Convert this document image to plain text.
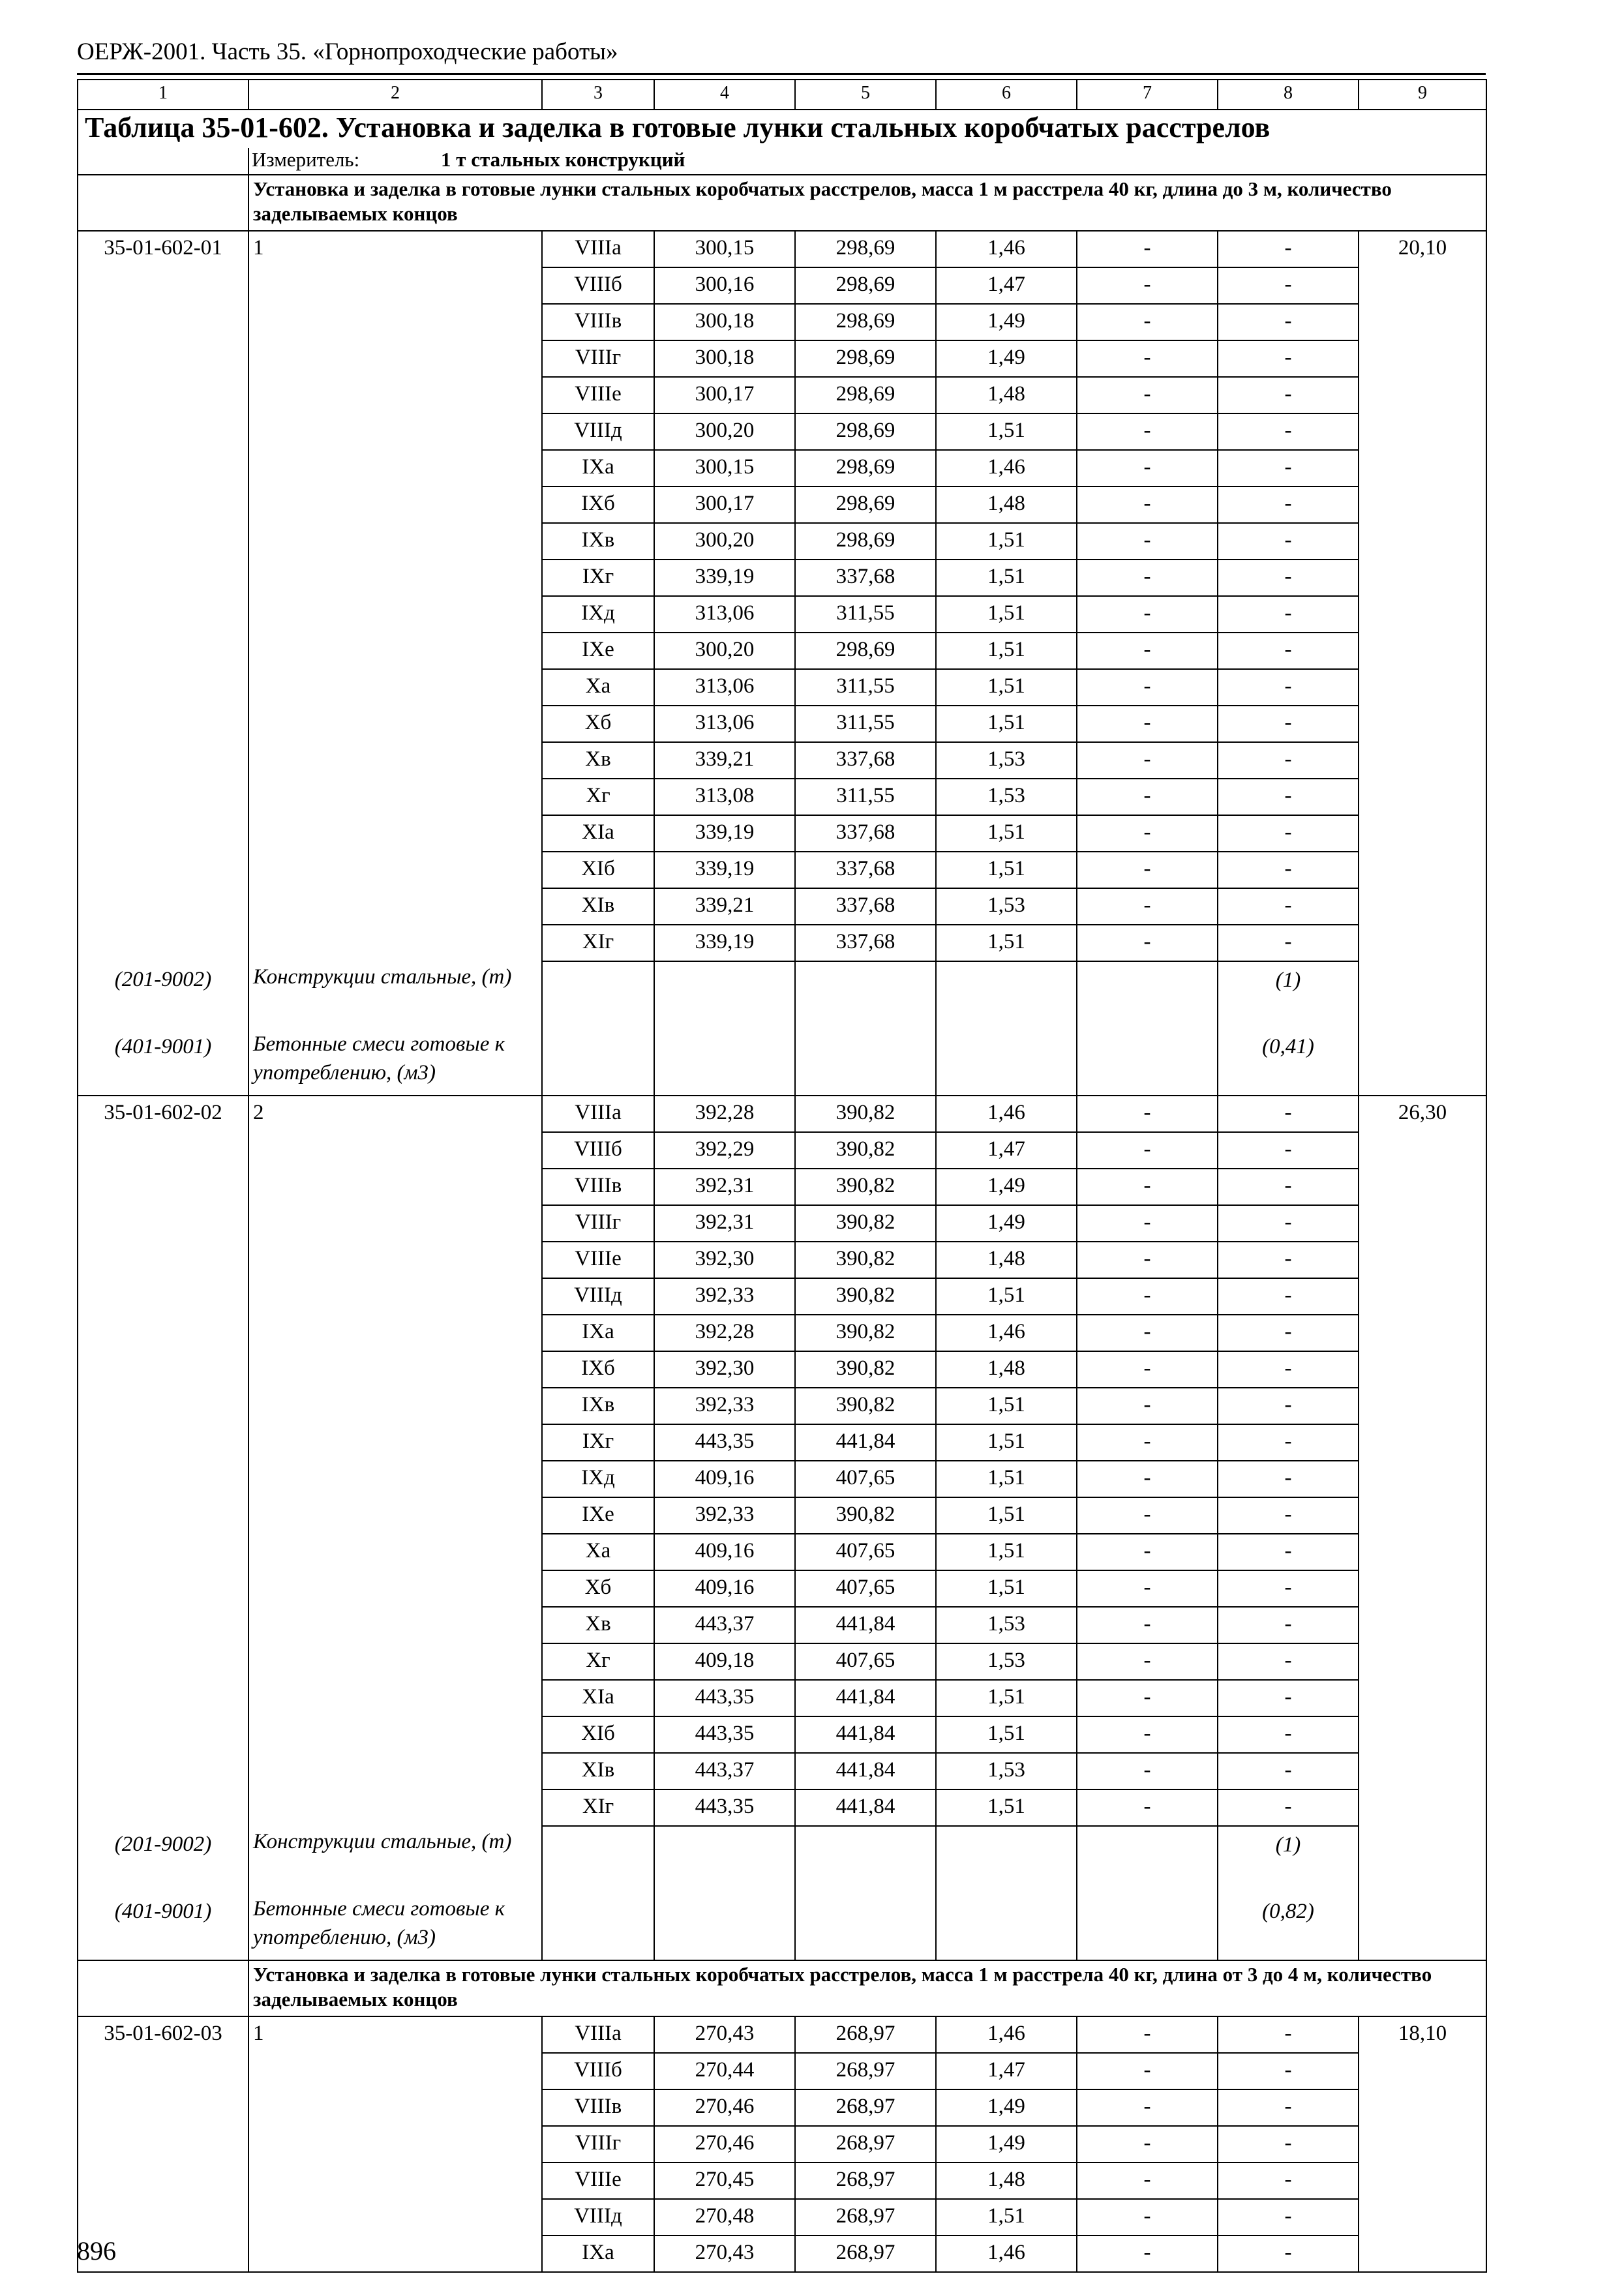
ОЕРЖ-2001. Часть 35. «Горнопроходческие работы»
1	2	3	4	5	6	7	8	9
Таблица 35-01-602. Установка и заделка в готовые лунки стальных коробчатых расстрелов								
	Измеритель: 1 т стальных конструкций							
	Установка и заделка в готовые лунки стальных коробчатых расстрелов, масса 1 м расстрела 40 кг, длина до 3 м, количество заделываемых концов							
35-01-602-01	1	VIIIа	300,15	298,69	1,46	-	-	20,10
		VIIIб	300,16	298,69	1,47	-	-	
		VIIIв	300,18	298,69	1,49	-	-	
		VIIIг	300,18	298,69	1,49	-	-	
		VIIIе	300,17	298,69	1,48	-	-	
		VIIIд	300,20	298,69	1,51	-	-	
		IXа	300,15	298,69	1,46	-	-	
		IXб	300,17	298,69	1,48	-	-	
		IXв	300,20	298,69	1,51	-	-	
		IXг	339,19	337,68	1,51	-	-	
		IXд	313,06	311,55	1,51	-	-	
		IXе	300,20	298,69	1,51	-	-	
		Xа	313,06	311,55	1,51	-	-	
		Xб	313,06	311,55	1,51	-	-	
		Xв	339,21	337,68	1,53	-	-	
		Xг	313,08	311,55	1,53	-	-	
		XIа	339,19	337,68	1,51	-	-	
		XIб	339,19	337,68	1,51	-	-	
		XIв	339,21	337,68	1,53	-	-	
		XIг	339,19	337,68	1,51	-	-	
(201-9002)	Конструкции стальные, (т)						(1)	
(401-9001)	Бетонные смеси готовые к употреблению, (м3)						(0,41)	
35-01-602-02	2	VIIIа	392,28	390,82	1,46	-	-	26,30
		VIIIб	392,29	390,82	1,47	-	-	
		VIIIв	392,31	390,82	1,49	-	-	
		VIIIг	392,31	390,82	1,49	-	-	
		VIIIе	392,30	390,82	1,48	-	-	
		VIIIд	392,33	390,82	1,51	-	-	
		IXа	392,28	390,82	1,46	-	-	
		IXб	392,30	390,82	1,48	-	-	
		IXв	392,33	390,82	1,51	-	-	
		IXг	443,35	441,84	1,51	-	-	
		IXд	409,16	407,65	1,51	-	-	
		IXе	392,33	390,82	1,51	-	-	
		Xа	409,16	407,65	1,51	-	-	
		Xб	409,16	407,65	1,51	-	-	
		Xв	443,37	441,84	1,53	-	-	
		Xг	409,18	407,65	1,53	-	-	
		XIа	443,35	441,84	1,51	-	-	
		XIб	443,35	441,84	1,51	-	-	
		XIв	443,37	441,84	1,53	-	-	
		XIг	443,35	441,84	1,51	-	-	
(201-9002)	Конструкции стальные, (т)						(1)	
(401-9001)	Бетонные смеси готовые к употреблению, (м3)						(0,82)	
	Установка и заделка в готовые лунки стальных коробчатых расстрелов, масса 1 м расстрела 40 кг, длина от 3 до 4 м, количество заделываемых концов							
35-01-602-03	1	VIIIа	270,43	268,97	1,46	-	-	18,10
		VIIIб	270,44	268,97	1,47	-	-	
		VIIIв	270,46	268,97	1,49	-	-	
		VIIIг	270,46	268,97	1,49	-	-	
		VIIIе	270,45	268,97	1,48	-	-	
		VIIIд	270,48	268,97	1,51	-	-	
		IXа	270,43	268,97	1,46	-	-	
896
